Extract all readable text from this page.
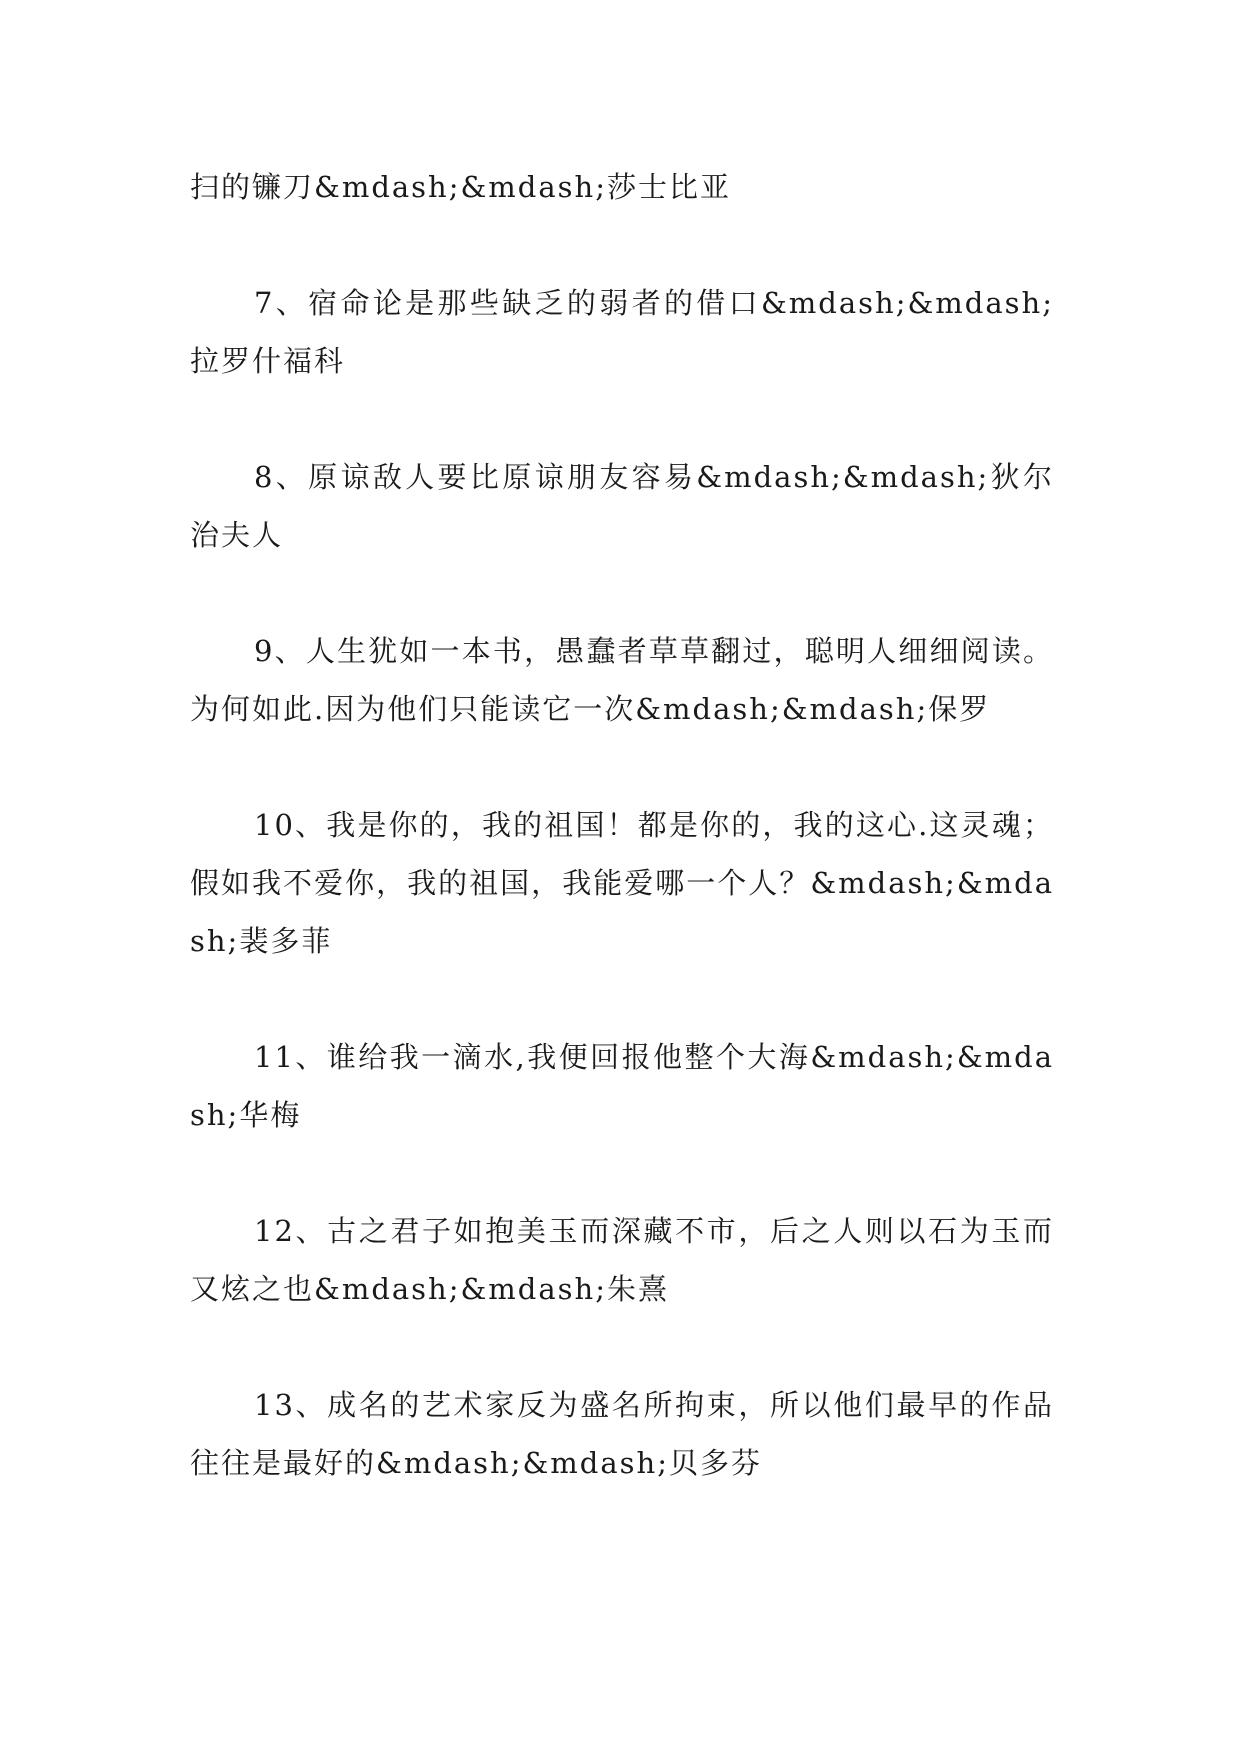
扫的镰刀&mdash;&mdash;莎士比亚

7、宿命论是那些缺乏的弱者的借口&mdash;&mdash;拉罗什福科

8、原谅敌人要比原谅朋友容易&mdash;&mdash;狄尔治夫人

9、人生犹如一本书，愚蠢者草草翻过，聪明人细细阅读。为何如此.因为他们只能读它一次&mdash;&mdash;保罗

10、我是你的，我的祖国！都是你的，我的这心.这灵魂；假如我不爱你，我的祖国，我能爱哪一个人？&mdash;&mdash;裴多菲

11、谁给我一滴水,我便回报他整个大海&mdash;&mdash;华梅

12、古之君子如抱美玉而深藏不市，后之人则以石为玉而又炫之也&mdash;&mdash;朱熹

13、成名的艺术家反为盛名所拘束，所以他们最早的作品往往是最好的&mdash;&mdash;贝多芬
